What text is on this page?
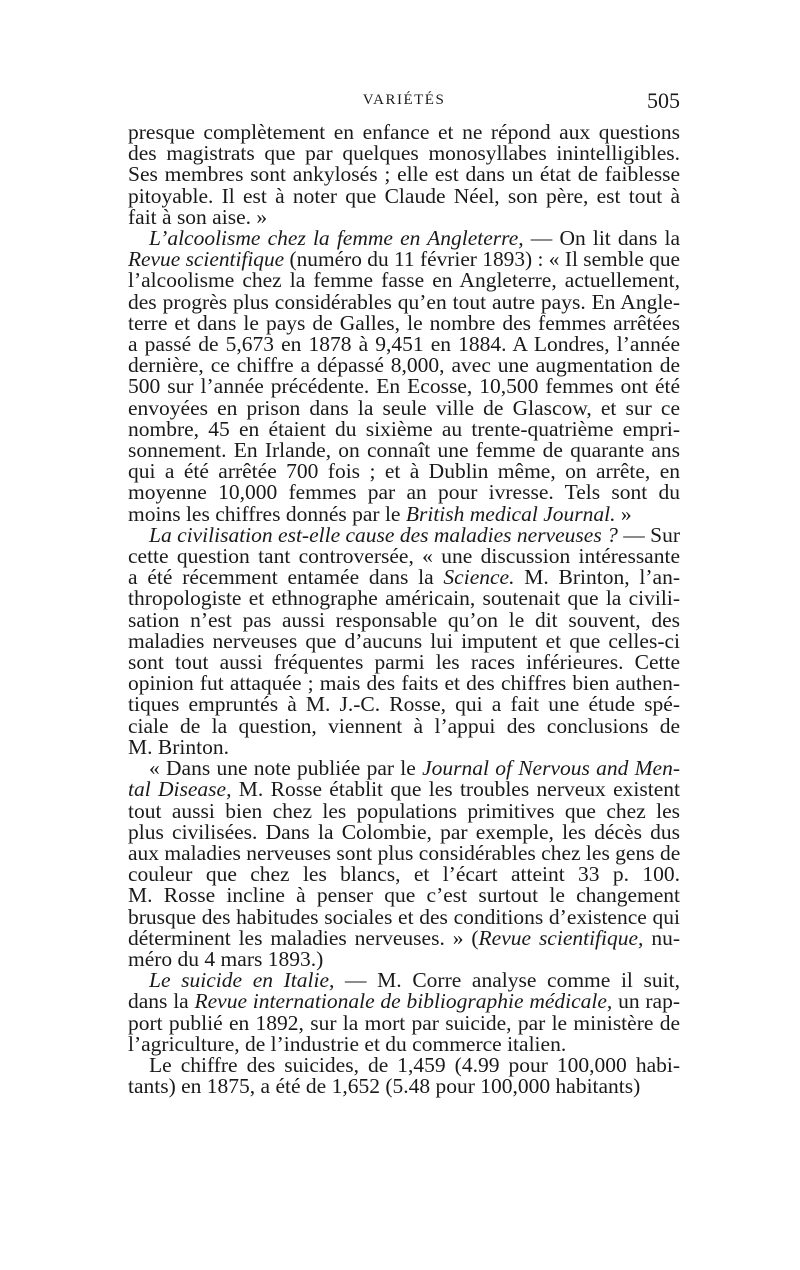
VARIÉTÉS	505
presque complètement en enfance et ne répond aux questions
des magistrats que par quelques monosyllabes inintelligibles.
Ses membres sont ankylosés ; elle est dans un état de faiblesse
pitoyable. Il est à noter que Claude Néel, son père, est tout à
fait à son aise. »
L’alcoolisme chez la femme en Angleterre, — On lit dans la
Revue scientifique (numéro du 11 février 1893) : « Il semble que
l’alcoolisme chez la femme fasse en Angleterre, actuellement,
des progrès plus considérables qu’en tout autre pays. En Angle-
terre et dans le pays de Galles, le nombre des femmes arrêtées
a passé de 5,673 en 1878 à 9,451 en 1884. A Londres, l’année
dernière, ce chiffre a dépassé 8,000, avec une augmentation de
500 sur l’année précédente. En Ecosse, 10,500 femmes ont été
envoyées en prison dans la seule ville de Glascow, et sur ce
nombre, 45 en étaient du sixième au trente-quatrième empri-
sonnement. En Irlande, on connaît une femme de quarante ans
qui a été arrêtée 700 fois ; et à Dublin même, on arrête, en
moyenne 10,000 femmes par an pour ivresse. Tels sont du
moins les chiffres donnés par le British medical Journal. »
La civilisation est-elle cause des maladies nerveuses ? — Sur
cette question tant controversée, « une discussion intéressante
a été récemment entamée dans la Science. M. Brinton, l’an-
thropologiste et ethnographe américain, soutenait que la civili-
sation n’est pas aussi responsable qu’on le dit souvent, des
maladies nerveuses que d’aucuns lui imputent et que celles-ci
sont tout aussi fréquentes parmi les races inférieures. Cette
opinion fut attaquée ; mais des faits et des chiffres bien authen-
tiques empruntés à M. J.-C. Rosse, qui a fait une étude spé-
ciale de la question, viennent à l’appui des conclusions de
M. Brinton.
« Dans une note publiée par le Journal of Nervous and Men-
tal Disease, M. Rosse établit que les troubles nerveux existent
tout aussi bien chez les populations primitives que chez les
plus civilisées. Dans la Colombie, par exemple, les décès dus
aux maladies nerveuses sont plus considérables chez les gens de
couleur que chez les blancs, et l’écart atteint 33 p. 100.
M. Rosse incline à penser que c’est surtout le changement
brusque des habitudes sociales et des conditions d’existence qui
déterminent les maladies nerveuses. » (Revue scientifique, nu-
méro du 4 mars 1893.)
Le suicide en Italie, — M. Corre analyse comme il suit,
dans la Revue internationale de bibliographie médicale, un rap-
port publié en 1892, sur la mort par suicide, par le ministère de
l’agriculture, de l’industrie et du commerce italien.
Le chiffre des suicides, de 1,459 (4.99 pour 100,000 habi-
tants) en 1875, a été de 1,652 (5.48 pour 100,000 habitants)
